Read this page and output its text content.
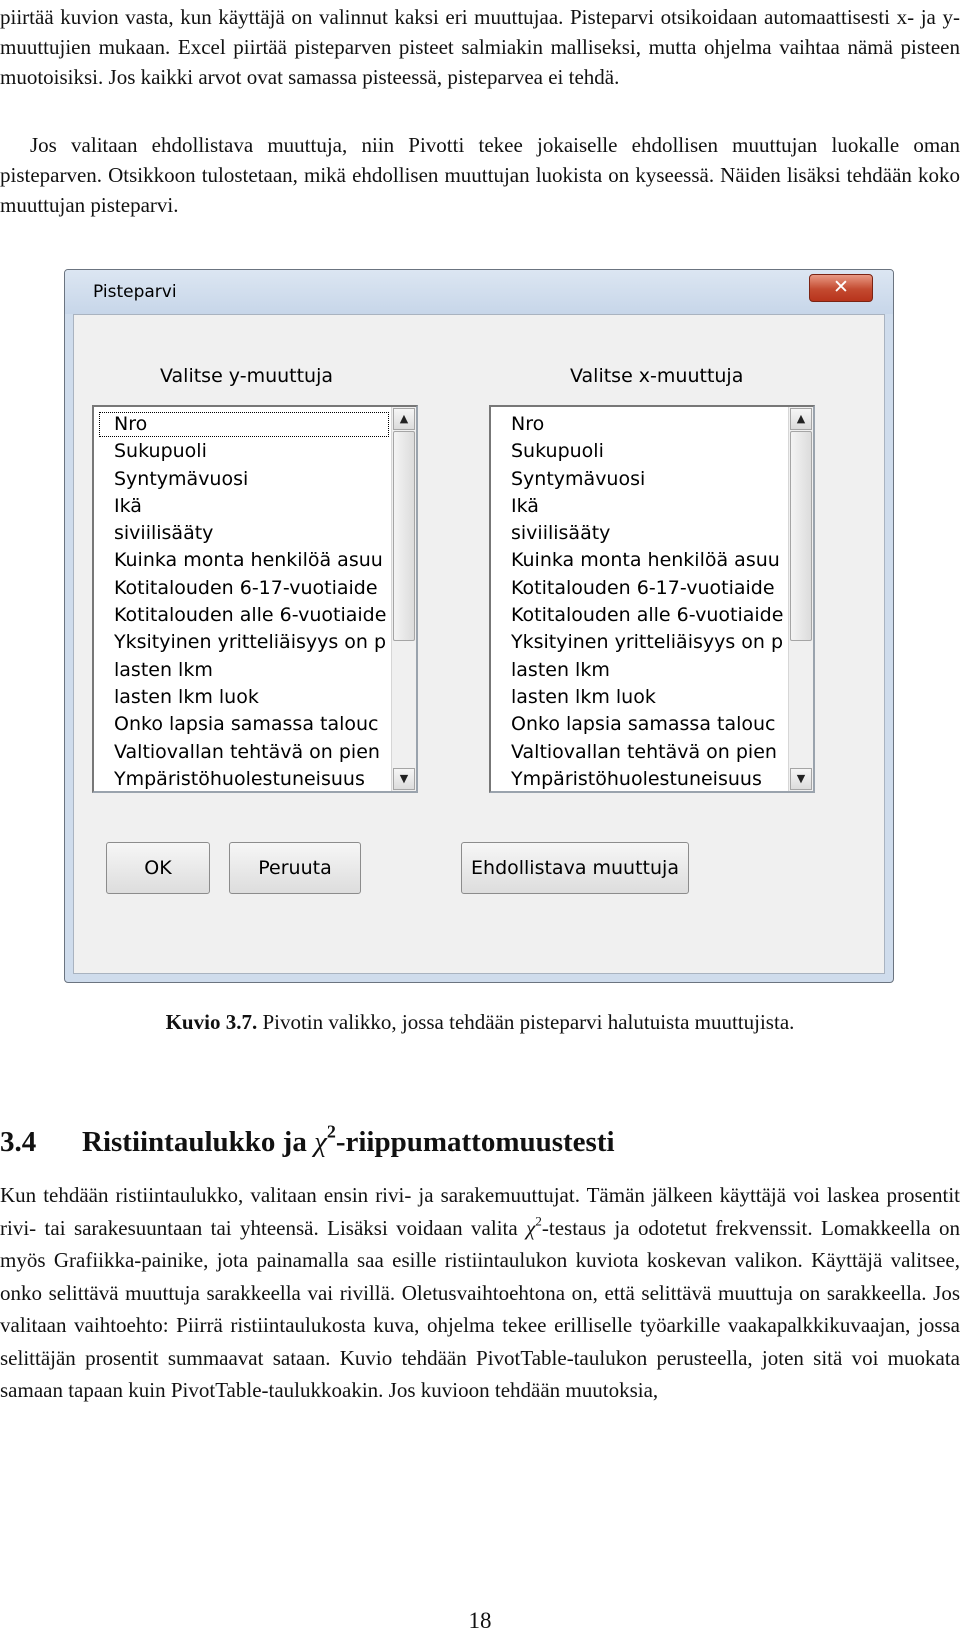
piirtää kuvion vasta, kun käyttäjä on valinnut kaksi eri muuttujaa. Pisteparvi otsikoidaan automaattisesti x- ja y-muuttujien mukaan. Excel piirtää pisteparven pisteet salmiakin malliseksi, mutta ohjelma vaihtaa nämä pisteen muotoisiksi. Jos kaikki arvot ovat samassa pisteessä, pisteparvea ei tehdä.

Jos valitaan ehdollistava muuttuja, niin Pivotti tekee jokaiselle ehdollisen muuttujan luokalle oman pisteparven. Otsikkoon tulostetaan, mikä ehdollisen muuttujan luokista on kyseessä. Näiden lisäksi tehdään koko muuttujan pisteparvi.

Pisteparvi	✕
Valitse y-muuttuja	Valitse x-muuttuja
Nro
Sukupuoli
Syntymävuosi
Ikä
siviilisääty
Kuinka monta henkilöä asuu
Kotitalouden 6-17-vuotiaide
Kotitalouden alle 6-vuotiaide
Yksityinen yritteliäisyys on p
lasten lkm
lasten lkm luok
Onko lapsia samassa talouc
Valtiovallan tehtävä on pien
Ympäristöhuolestuneisuus
▲
▼
Nro
Sukupuoli
Syntymävuosi
Ikä
siviilisääty
Kuinka monta henkilöä asuu
Kotitalouden 6-17-vuotiaide
Kotitalouden alle 6-vuotiaide
Yksityinen yritteliäisyys on p
lasten lkm
lasten lkm luok
Onko lapsia samassa talouc
Valtiovallan tehtävä on pien
Ympäristöhuolestuneisuus
▲
▼
OK	Peruuta	Ehdollistava muuttuja
Kuvio 3.7. Pivotin valikko, jossa tehdään pisteparvi halutuista muuttujista.
3.4 Ristiintaulukko ja $\chi^2$-riippumattomuustesti

Kun tehdään ristiintaulukko, valitaan ensin rivi- ja sarakemuuttujat. Tämän jälkeen käyttäjä voi laskea prosentit rivi- tai sarakesuuntaan tai yhteensä. Lisäksi voidaan valita $\chi^2$-testaus ja odotetut frekvenssit. Lomakkeella on myös Grafiikka-painike, jota painamalla saa esille ristiintaulukon kuviota koskevan valikon. Käyttäjä valitsee, onko selittävä muuttuja sarakkeella vai rivillä. Oletusvaihtoehtona on, että selittävä muuttuja on sarakkeella. Jos valitaan vaihtoehto: Piirrä ristiintaulukosta kuva, ohjelma tekee erilliselle työarkille vaakapalkkikuvaajan, jossa selittäjän prosentit summaavat sataan. Kuvio tehdään PivotTable-taulukon perusteella, joten sitä voi muokata samaan tapaan kuin PivotTable-taulukkoakin. Jos kuvioon tehdään muutoksia,

18
